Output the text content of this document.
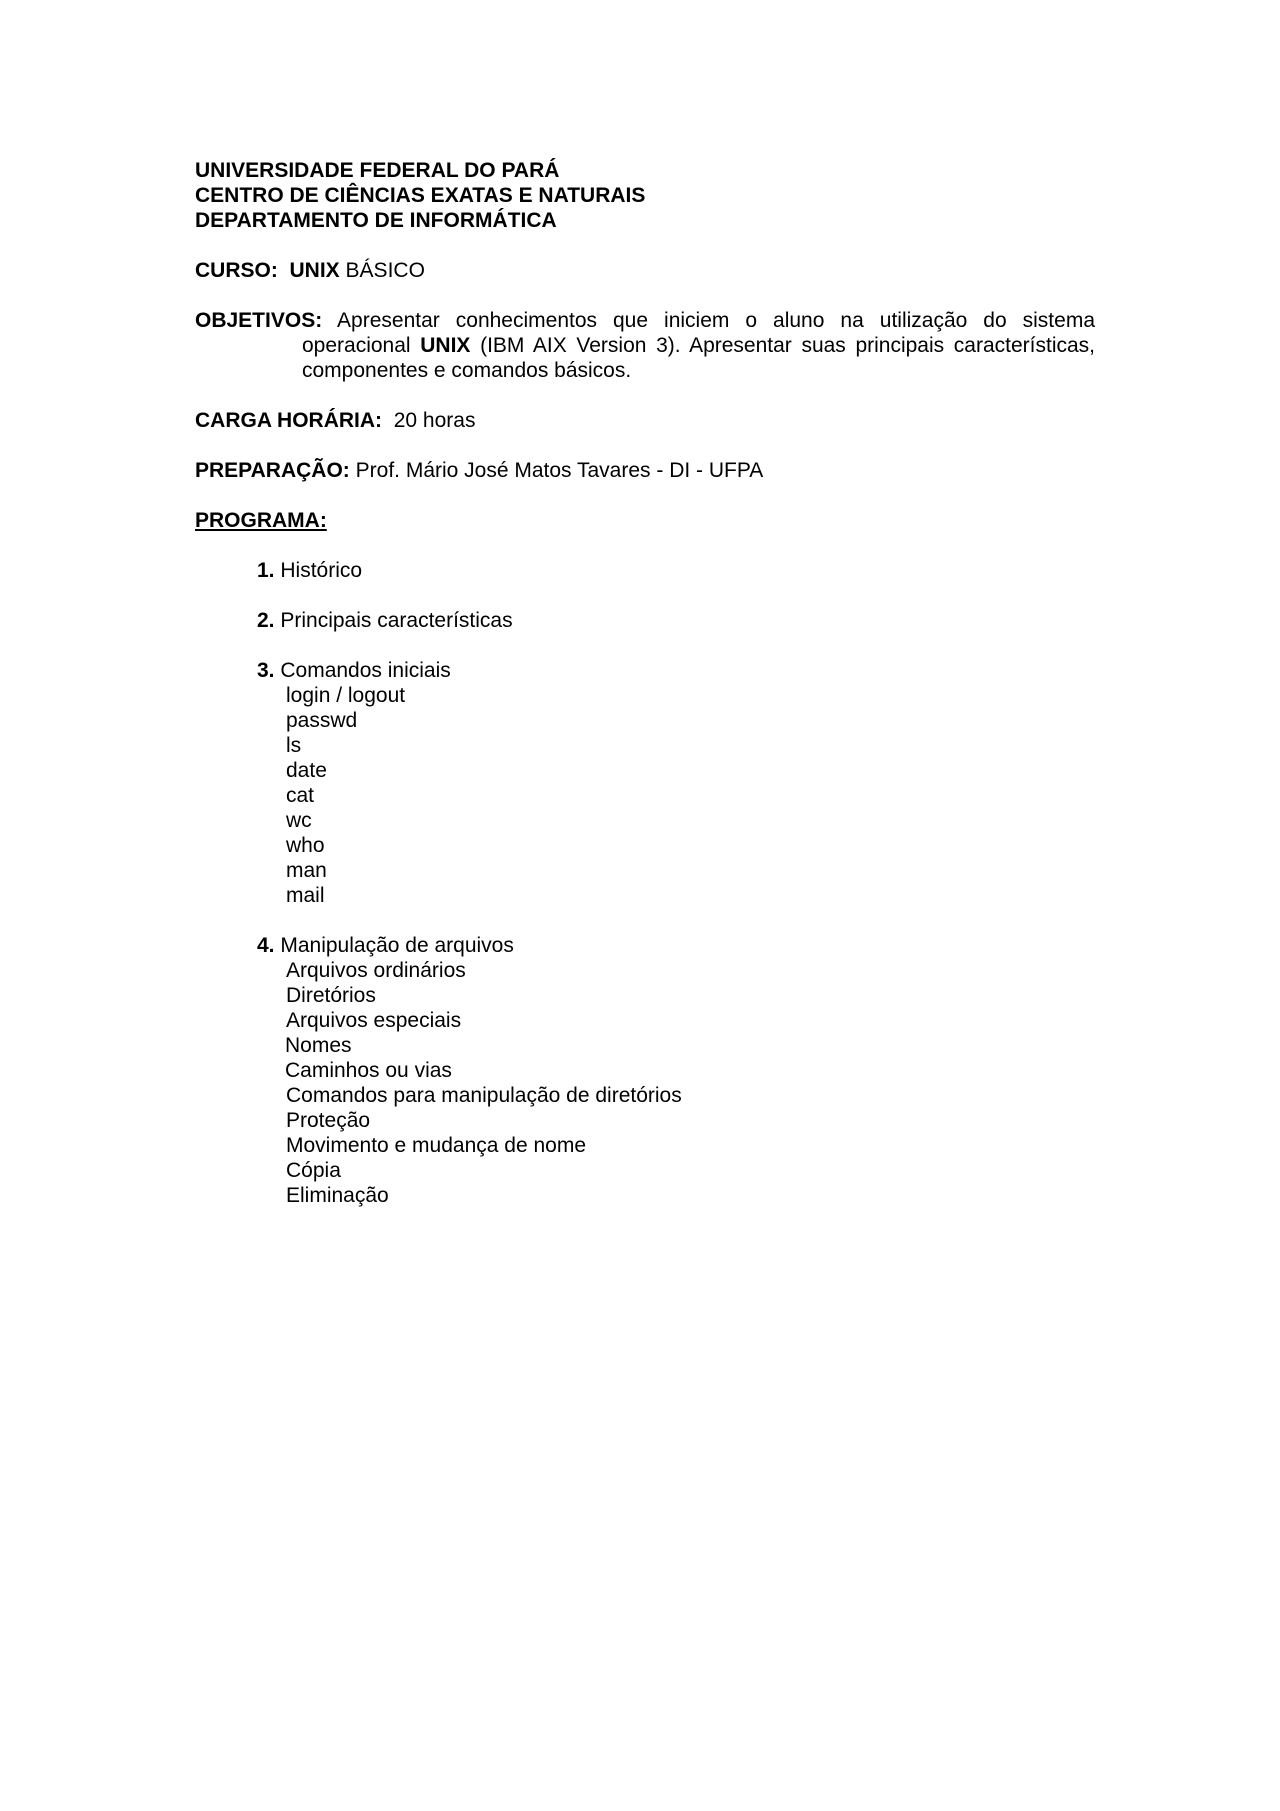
UNIVERSIDADE FEDERAL DO PARÁ
CENTRO DE CIÊNCIAS EXATAS E NATURAIS
DEPARTAMENTO DE INFORMÁTICA
CURSO: UNIX BÁSICO
OBJETIVOS: Apresentar conhecimentos que iniciem o aluno na utilização do sistema
operacional UNIX (IBM AIX Version 3). Apresentar suas principais características,
componentes e comandos básicos.
CARGA HORÁRIA: 20 horas
PREPARAÇÃO: Prof. Mário José Matos Tavares - DI - UFPA
PROGRAMA:
1. Histórico
2. Principais características
3. Comandos iniciais
login / logout
passwd
ls
date
cat
wc
who
man
mail
4. Manipulação de arquivos
Arquivos ordinários
Diretórios
Arquivos especiais
Nomes
Caminhos ou vias
Comandos para manipulação de diretórios
Proteção
Movimento e mudança de nome
Cópia
Eliminação
